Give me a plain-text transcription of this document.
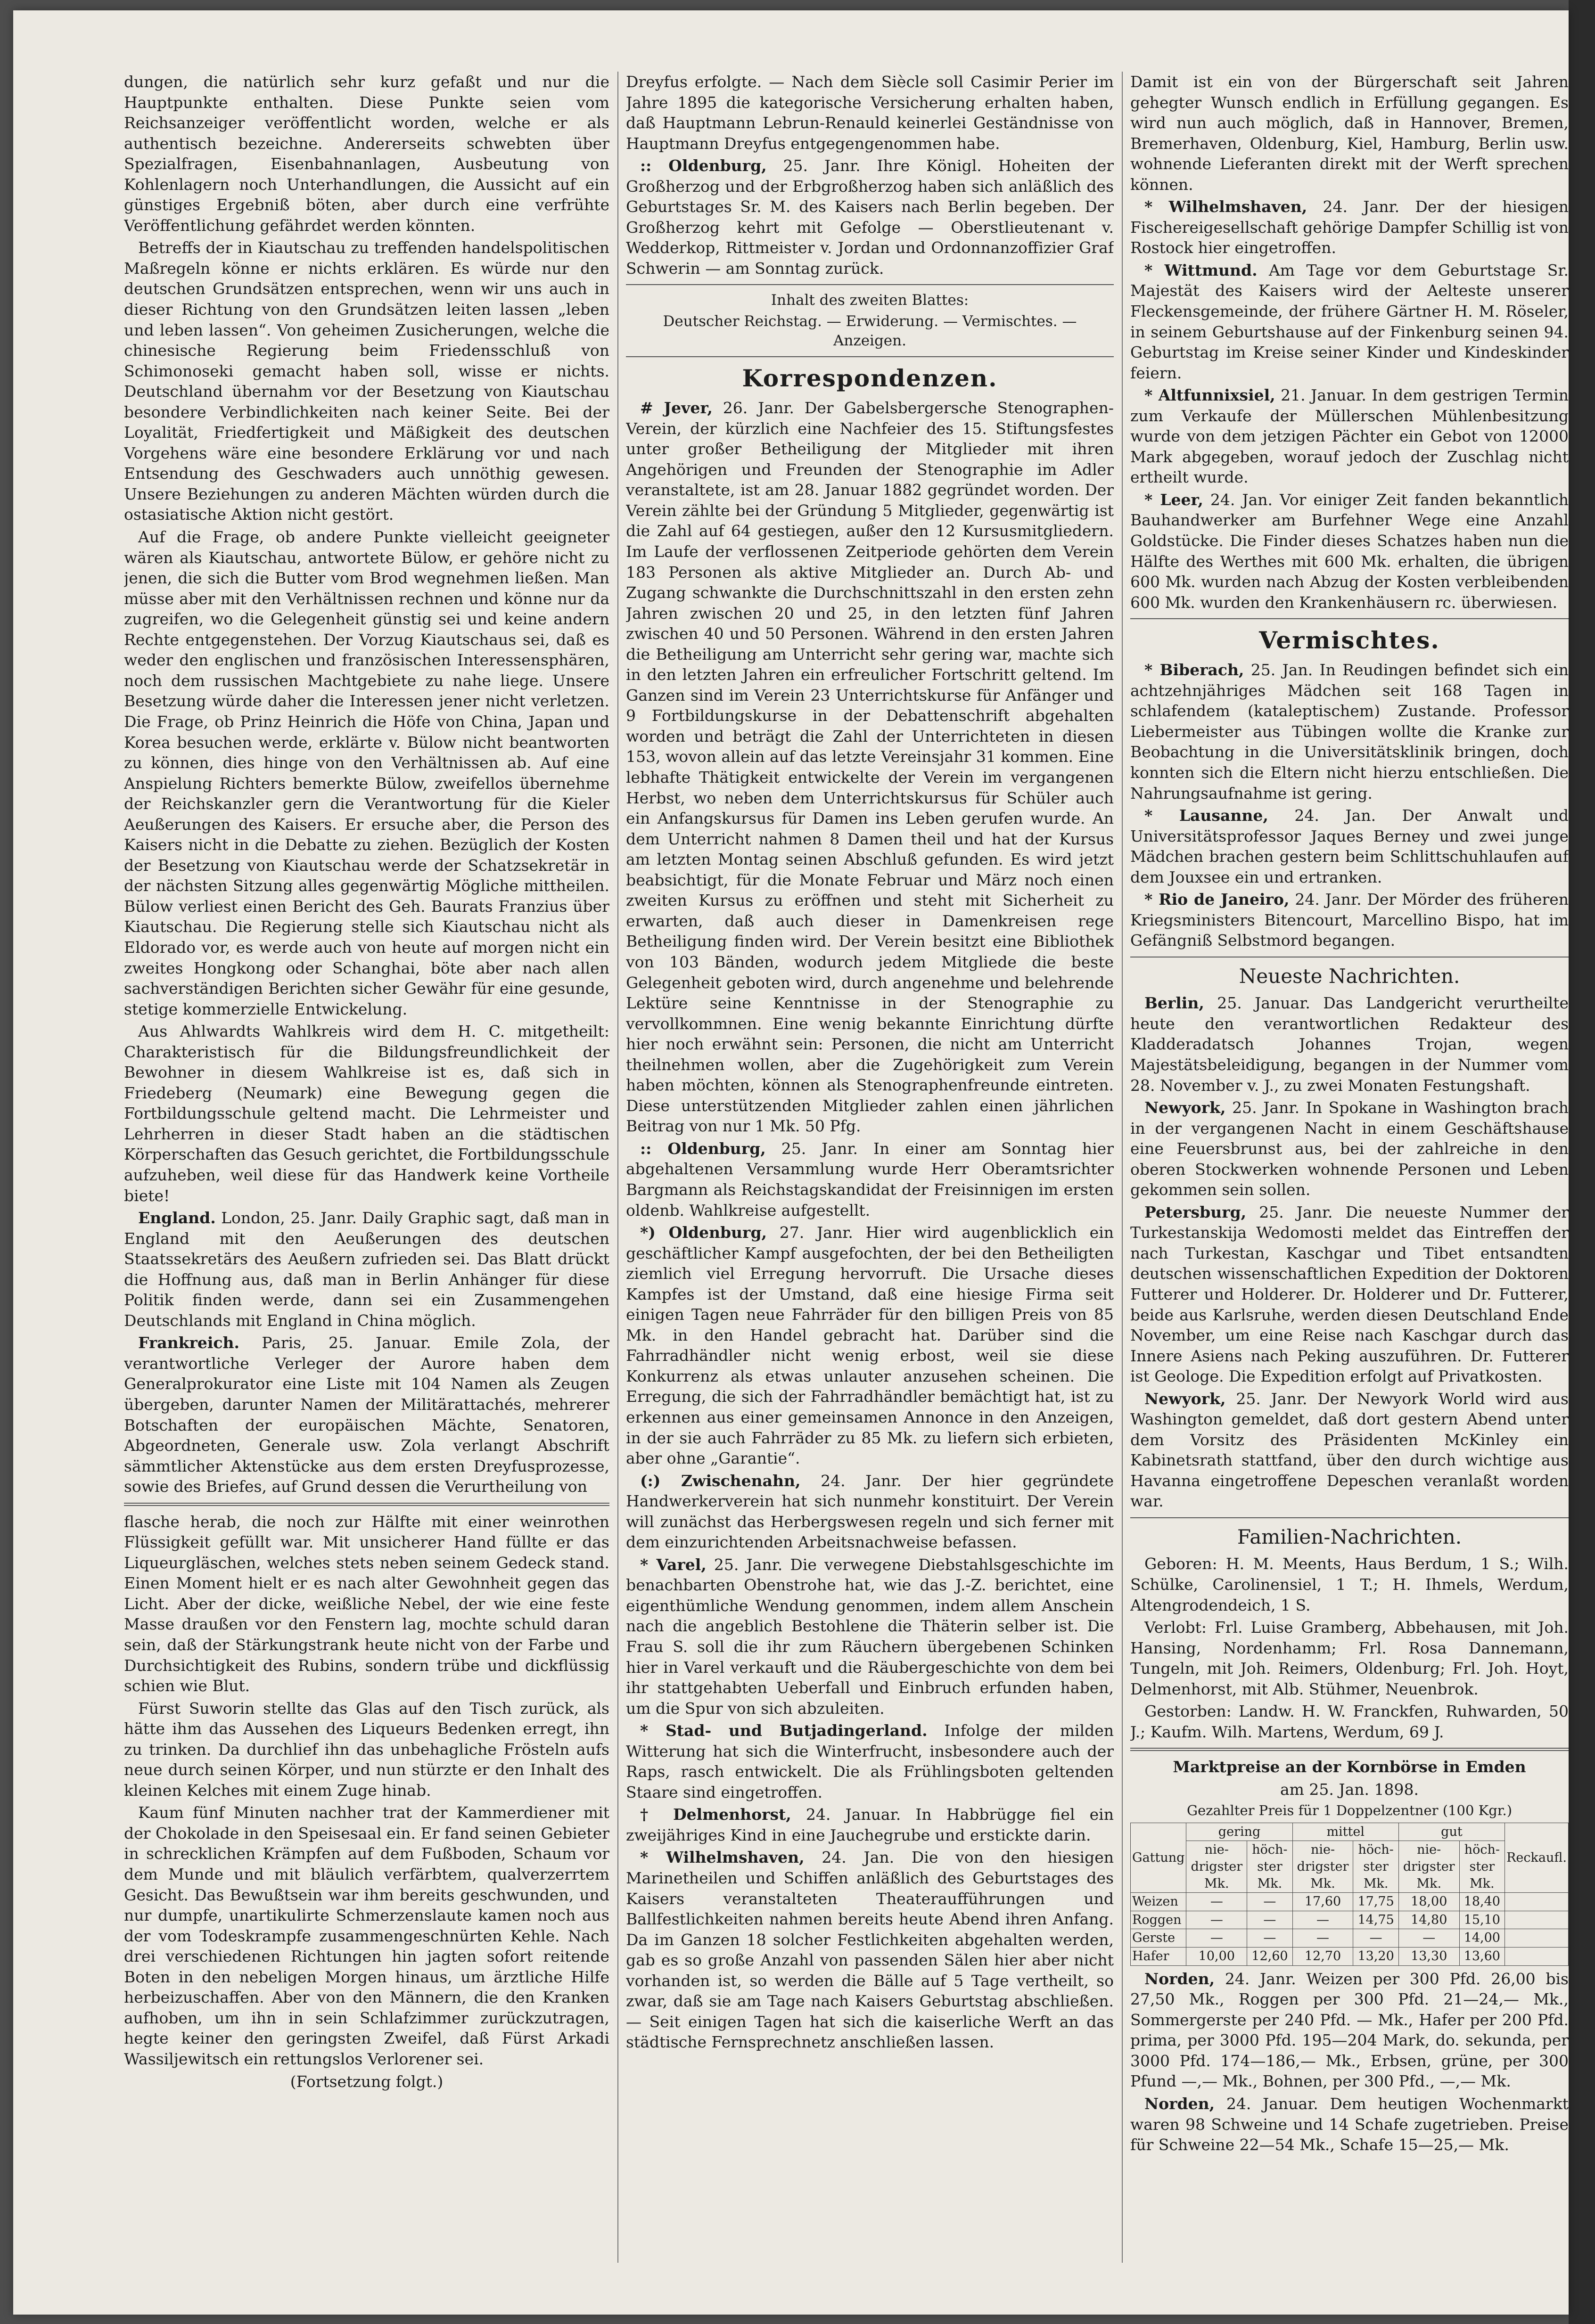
dungen, die natürlich sehr kurz gefaßt und nur die Hauptpunkte enthalten. Diese Punkte seien vom Reichsanzeiger veröffentlicht worden, welche er als authentisch bezeichne. Andererseits schwebten über Spezialfragen, Eisenbahnanlagen, Ausbeutung von Kohlenlagern noch Unterhandlungen, die Aussicht auf ein günstiges Ergebniß böten, aber durch eine verfrühte Veröffentlichung gefährdet werden könnten.

Betreffs der in Kiautschau zu treffenden handelspolitischen Maßregeln könne er nichts erklären. Es würde nur den deutschen Grundsätzen entsprechen, wenn wir uns auch in dieser Richtung von den Grundsätzen leiten lassen „leben und leben lassen“. Von geheimen Zusicherungen, welche die chinesische Regierung beim Friedensschluß von Schimonoseki gemacht haben soll, wisse er nichts. Deutschland übernahm vor der Besetzung von Kiautschau besondere Verbindlichkeiten nach keiner Seite. Bei der Loyalität, Friedfertigkeit und Mäßigkeit des deutschen Vorgehens wäre eine besondere Erklärung vor und nach Entsendung des Geschwaders auch unnöthig gewesen. Unsere Beziehungen zu anderen Mächten würden durch die ostasiatische Aktion nicht gestört.

Auf die Frage, ob andere Punkte vielleicht geeigneter wären als Kiautschau, antwortete Bülow, er gehöre nicht zu jenen, die sich die Butter vom Brod wegnehmen ließen. Man müsse aber mit den Verhältnissen rechnen und könne nur da zugreifen, wo die Gelegenheit günstig sei und keine andern Rechte entgegenstehen. Der Vorzug Kiautschaus sei, daß es weder den englischen und französischen Interessensphären, noch dem russischen Machtgebiete zu nahe liege. Unsere Besetzung würde daher die Interessen jener nicht verletzen. Die Frage, ob Prinz Heinrich die Höfe von China, Japan und Korea besuchen werde, erklärte v. Bülow nicht beantworten zu können, dies hinge von den Verhältnissen ab. Auf eine Anspielung Richters bemerkte Bülow, zweifellos übernehme der Reichskanzler gern die Verantwortung für die Kieler Aeußerungen des Kaisers. Er ersuche aber, die Person des Kaisers nicht in die Debatte zu ziehen. Bezüglich der Kosten der Besetzung von Kiautschau werde der Schatzsekretär in der nächsten Sitzung alles gegenwärtig Mögliche mittheilen. Bülow verliest einen Bericht des Geh. Baurats Franzius über Kiautschau. Die Regierung stelle sich Kiautschau nicht als Eldorado vor, es werde auch von heute auf morgen nicht ein zweites Hongkong oder Schanghai, böte aber nach allen sachverständigen Berichten sicher Gewähr für eine gesunde, stetige kommerzielle Entwickelung.

Aus Ahlwardts Wahlkreis wird dem H. C. mitgetheilt: Charakteristisch für die Bildungsfreundlichkeit der Bewohner in diesem Wahlkreise ist es, daß sich in Friedeberg (Neumark) eine Bewegung gegen die Fortbildungsschule geltend macht. Die Lehrmeister und Lehrherren in dieser Stadt haben an die städtischen Körperschaften das Gesuch gerichtet, die Fortbildungsschule aufzuheben, weil diese für das Handwerk keine Vortheile biete!

England. London, 25. Janr. Daily Graphic sagt, daß man in England mit den Aeußerungen des deutschen Staatssekretärs des Aeußern zufrieden sei. Das Blatt drückt die Hoffnung aus, daß man in Berlin Anhänger für diese Politik finden werde, dann sei ein Zusammengehen Deutschlands mit England in China möglich.

Frankreich. Paris, 25. Januar. Emile Zola, der verantwortliche Verleger der Aurore haben dem Generalprokurator eine Liste mit 104 Namen als Zeugen übergeben, darunter Namen der Militärattachés, mehrerer Botschaften der europäischen Mächte, Senatoren, Abgeordneten, Generale usw. Zola verlangt Abschrift sämmtlicher Aktenstücke aus dem ersten Dreyfusprozesse, sowie des Briefes, auf Grund dessen die Verurtheilung von

flasche herab, die noch zur Hälfte mit einer weinrothen Flüssigkeit gefüllt war. Mit unsicherer Hand füllte er das Liqueurgläschen, welches stets neben seinem Gedeck stand. Einen Moment hielt er es nach alter Gewohnheit gegen das Licht. Aber der dicke, weißliche Nebel, der wie eine feste Masse draußen vor den Fenstern lag, mochte schuld daran sein, daß der Stärkungstrank heute nicht von der Farbe und Durchsichtigkeit des Rubins, sondern trübe und dickflüssig schien wie Blut.

Fürst Suworin stellte das Glas auf den Tisch zurück, als hätte ihm das Aussehen des Liqueurs Bedenken erregt, ihn zu trinken. Da durchlief ihn das unbehagliche Frösteln aufs neue durch seinen Körper, und nun stürzte er den Inhalt des kleinen Kelches mit einem Zuge hinab.

Kaum fünf Minuten nachher trat der Kammerdiener mit der Chokolade in den Speisesaal ein. Er fand seinen Gebieter in schrecklichen Krämpfen auf dem Fußboden, Schaum vor dem Munde und mit bläulich verfärbtem, qualverzerrtem Gesicht. Das Bewußtsein war ihm bereits geschwunden, und nur dumpfe, unartikulirte Schmerzenslaute kamen noch aus der vom Todeskrampfe zusammengeschnürten Kehle. Nach drei verschiedenen Richtungen hin jagten sofort reitende Boten in den nebeligen Morgen hinaus, um ärztliche Hilfe herbeizuschaffen. Aber von den Männern, die den Kranken aufhoben, um ihn in sein Schlafzimmer zurückzutragen, hegte keiner den geringsten Zweifel, daß Fürst Arkadi Wassiljewitsch ein rettungslos Verlorener sei.

(Fortsetzung folgt.)

Dreyfus erfolgte. — Nach dem Siècle soll Casimir Perier im Jahre 1895 die kategorische Versicherung erhalten haben, daß Hauptmann Lebrun-Renauld keinerlei Geständnisse von Hauptmann Dreyfus entgegengenommen habe.

:: Oldenburg, 25. Janr. Ihre Königl. Hoheiten der Großherzog und der Erbgroßherzog haben sich anläßlich des Geburtstages Sr. M. des Kaisers nach Berlin begeben. Der Großherzog kehrt mit Gefolge — Oberstlieutenant v. Wedderkop, Rittmeister v. Jordan und Ordonnanzoffizier Graf Schwerin — am Sonntag zurück.

Inhalt des zweiten Blattes:

Deutscher Reichstag. — Erwiderung. — Vermischtes. — Anzeigen.

Korrespondenzen.

# Jever, 26. Janr. Der Gabelsbergersche Stenographen-Verein, der kürzlich eine Nachfeier des 15. Stiftungsfestes unter großer Betheiligung der Mitglieder mit ihren Angehörigen und Freunden der Stenographie im Adler veranstaltete, ist am 28. Januar 1882 gegründet worden. Der Verein zählte bei der Gründung 5 Mitglieder, gegenwärtig ist die Zahl auf 64 gestiegen, außer den 12 Kursusmitgliedern. Im Laufe der verflossenen Zeitperiode gehörten dem Verein 183 Personen als aktive Mitglieder an. Durch Ab- und Zugang schwankte die Durchschnittszahl in den ersten zehn Jahren zwischen 20 und 25, in den letzten fünf Jahren zwischen 40 und 50 Personen. Während in den ersten Jahren die Betheiligung am Unterricht sehr gering war, machte sich in den letzten Jahren ein erfreulicher Fortschritt geltend. Im Ganzen sind im Verein 23 Unterrichtskurse für Anfänger und 9 Fortbildungskurse in der Debattenschrift abgehalten worden und beträgt die Zahl der Unterrichteten in diesen 153, wovon allein auf das letzte Vereinsjahr 31 kommen. Eine lebhafte Thätigkeit entwickelte der Verein im vergangenen Herbst, wo neben dem Unterrichtskursus für Schüler auch ein Anfangskursus für Damen ins Leben gerufen wurde. An dem Unterricht nahmen 8 Damen theil und hat der Kursus am letzten Montag seinen Abschluß gefunden. Es wird jetzt beabsichtigt, für die Monate Februar und März noch einen zweiten Kursus zu eröffnen und steht mit Sicherheit zu erwarten, daß auch dieser in Damenkreisen rege Betheiligung finden wird. Der Verein besitzt eine Bibliothek von 103 Bänden, wodurch jedem Mitgliede die beste Gelegenheit geboten wird, durch angenehme und belehrende Lektüre seine Kenntnisse in der Stenographie zu vervollkommnen. Eine wenig bekannte Einrichtung dürfte hier noch erwähnt sein: Personen, die nicht am Unterricht theilnehmen wollen, aber die Zugehörigkeit zum Verein haben möchten, können als Stenographenfreunde eintreten. Diese unterstützenden Mitglieder zahlen einen jährlichen Beitrag von nur 1 Mk. 50 Pfg.

:: Oldenburg, 25. Janr. In einer am Sonntag hier abgehaltenen Versammlung wurde Herr Oberamtsrichter Bargmann als Reichstagskandidat der Freisinnigen im ersten oldenb. Wahlkreise aufgestellt.

*) Oldenburg, 27. Janr. Hier wird augenblicklich ein geschäftlicher Kampf ausgefochten, der bei den Betheiligten ziemlich viel Erregung hervorruft. Die Ursache dieses Kampfes ist der Umstand, daß eine hiesige Firma seit einigen Tagen neue Fahrräder für den billigen Preis von 85 Mk. in den Handel gebracht hat. Darüber sind die Fahrradhändler nicht wenig erbost, weil sie diese Konkurrenz als etwas unlauter anzusehen scheinen. Die Erregung, die sich der Fahrradhändler bemächtigt hat, ist zu erkennen aus einer gemeinsamen Annonce in den Anzeigen, in der sie auch Fahrräder zu 85 Mk. zu liefern sich erbieten, aber ohne „Garantie“.

(:) Zwischenahn, 24. Janr. Der hier gegründete Handwerkerverein hat sich nunmehr konstituirt. Der Verein will zunächst das Herbergswesen regeln und sich ferner mit dem einzurichtenden Arbeitsnachweise befassen.

* Varel, 25. Janr. Die verwegene Diebstahlsgeschichte im benachbarten Obenstrohe hat, wie das J.-Z. berichtet, eine eigenthümliche Wendung genommen, indem allem Anschein nach die angeblich Bestohlene die Thäterin selber ist. Die Frau S. soll die ihr zum Räuchern übergebenen Schinken hier in Varel verkauft und die Räubergeschichte von dem bei ihr stattgehabten Ueberfall und Einbruch erfunden haben, um die Spur von sich abzuleiten.

* Stad- und Butjadingerland. Infolge der milden Witterung hat sich die Winterfrucht, insbesondere auch der Raps, rasch entwickelt. Die als Frühlingsboten geltenden Staare sind eingetroffen.

† Delmenhorst, 24. Januar. In Habbrügge fiel ein zweijähriges Kind in eine Jauchegrube und erstickte darin.

* Wilhelmshaven, 24. Jan. Die von den hiesigen Marinetheilen und Schiffen anläßlich des Geburtstages des Kaisers veranstalteten Theateraufführungen und Ballfestlichkeiten nahmen bereits heute Abend ihren Anfang. Da im Ganzen 18 solcher Festlichkeiten abgehalten werden, gab es so große Anzahl von passenden Sälen hier aber nicht vorhanden ist, so werden die Bälle auf 5 Tage vertheilt, so zwar, daß sie am Tage nach Kaisers Geburtstag abschließen. — Seit einigen Tagen hat sich die kaiserliche Werft an das städtische Fernsprechnetz anschließen lassen.

Damit ist ein von der Bürgerschaft seit Jahren gehegter Wunsch endlich in Erfüllung gegangen. Es wird nun auch möglich, daß in Hannover, Bremen, Bremerhaven, Oldenburg, Kiel, Hamburg, Berlin usw. wohnende Lieferanten direkt mit der Werft sprechen können.

* Wilhelmshaven, 24. Janr. Der der hiesigen Fischereigesellschaft gehörige Dampfer Schillig ist von Rostock hier eingetroffen.

* Wittmund. Am Tage vor dem Geburtstage Sr. Majestät des Kaisers wird der Aelteste unserer Fleckensgemeinde, der frühere Gärtner H. M. Röseler, in seinem Geburtshause auf der Finkenburg seinen 94. Geburtstag im Kreise seiner Kinder und Kindeskinder feiern.

* Altfunnixsiel, 21. Januar. In dem gestrigen Termin zum Verkaufe der Müllerschen Mühlenbesitzung wurde von dem jetzigen Pächter ein Gebot von 12000 Mark abgegeben, worauf jedoch der Zuschlag nicht ertheilt wurde.

* Leer, 24. Jan. Vor einiger Zeit fanden bekanntlich Bauhandwerker am Burfehner Wege eine Anzahl Goldstücke. Die Finder dieses Schatzes haben nun die Hälfte des Werthes mit 600 Mk. erhalten, die übrigen 600 Mk. wurden nach Abzug der Kosten verbleibenden 600 Mk. wurden den Krankenhäusern rc. überwiesen.

Vermischtes.

* Biberach, 25. Jan. In Reudingen befindet sich ein achtzehnjähriges Mädchen seit 168 Tagen in schlafendem (kataleptischem) Zustande. Professor Liebermeister aus Tübingen wollte die Kranke zur Beobachtung in die Universitätsklinik bringen, doch konnten sich die Eltern nicht hierzu entschließen. Die Nahrungsaufnahme ist gering.

* Lausanne, 24. Jan. Der Anwalt und Universitätsprofessor Jaques Berney und zwei junge Mädchen brachen gestern beim Schlittschuhlaufen auf dem Jouxsee ein und ertranken.

* Rio de Janeiro, 24. Janr. Der Mörder des früheren Kriegsministers Bitencourt, Marcellino Bispo, hat im Gefängniß Selbstmord begangen.

Neueste Nachrichten.

Berlin, 25. Januar. Das Landgericht verurtheilte heute den verantwortlichen Redakteur des Kladderadatsch Johannes Trojan, wegen Majestätsbeleidigung, begangen in der Nummer vom 28. November v. J., zu zwei Monaten Festungshaft.

Newyork, 25. Janr. In Spokane in Washington brach in der vergangenen Nacht in einem Geschäftshause eine Feuersbrunst aus, bei der zahlreiche in den oberen Stockwerken wohnende Personen und Leben gekommen sein sollen.

Petersburg, 25. Janr. Die neueste Nummer der Turkestanskija Wedomosti meldet das Eintreffen der nach Turkestan, Kaschgar und Tibet entsandten deutschen wissenschaftlichen Expedition der Doktoren Futterer und Holderer. Dr. Holderer und Dr. Futterer, beide aus Karlsruhe, werden diesen Deutschland Ende November, um eine Reise nach Kaschgar durch das Innere Asiens nach Peking auszuführen. Dr. Futterer ist Geologe. Die Expedition erfolgt auf Privatkosten.

Newyork, 25. Janr. Der Newyork World wird aus Washington gemeldet, daß dort gestern Abend unter dem Vorsitz des Präsidenten McKinley ein Kabinetsrath stattfand, über den durch wichtige aus Havanna eingetroffene Depeschen veranlaßt worden war.

Familien-Nachrichten.

Geboren: H. M. Meents, Haus Berdum, 1 S.; Wilh. Schülke, Carolinensiel, 1 T.; H. Ihmels, Werdum, Altengrodendeich, 1 S.

Verlobt: Frl. Luise Gramberg, Abbehausen, mit Joh. Hansing, Nordenhamm; Frl. Rosa Dannemann, Tungeln, mit Joh. Reimers, Oldenburg; Frl. Joh. Hoyt, Delmenhorst, mit Alb. Stühmer, Neuenbrok.

Gestorben: Landw. H. W. Franckfen, Ruhwarden, 50 J.; Kaufm. Wilh. Martens, Werdum, 69 J.

Marktpreise an der Kornbörse in Emden

am 25. Jan. 1898.

Gezahlter Preis für 1 Doppelzentner (100 Kgr.)

Gattung	gering		mittel		gut		Reckaufl.
	nie- drigster Mk.	höch- ster Mk.	nie- drigster Mk.	höch- ster Mk.	nie- drigster Mk.	höch- ster Mk.	
Weizen	—	—	17,60	17,75	18,00	18,40	
Roggen	—	—	—	14,75	14,80	15,10	
Gerste	—	—	—	—	—	14,00	
Hafer	10,00	12,60	12,70	13,20	13,30	13,60	

Norden, 24. Janr. Weizen per 300 Pfd. 26,00 bis 27,50 Mk., Roggen per 300 Pfd. 21—24,— Mk., Sommergerste per 240 Pfd. — Mk., Hafer per 200 Pfd. prima, per 3000 Pfd. 195—204 Mark, do. sekunda, per 3000 Pfd. 174—186,— Mk., Erbsen, grüne, per 300 Pfund —,— Mk., Bohnen, per 300 Pfd., —,— Mk.

Norden, 24. Januar. Dem heutigen Wochenmarkt waren 98 Schweine und 14 Schafe zugetrieben. Preise für Schweine 22—54 Mk., Schafe 15—25,— Mk.
